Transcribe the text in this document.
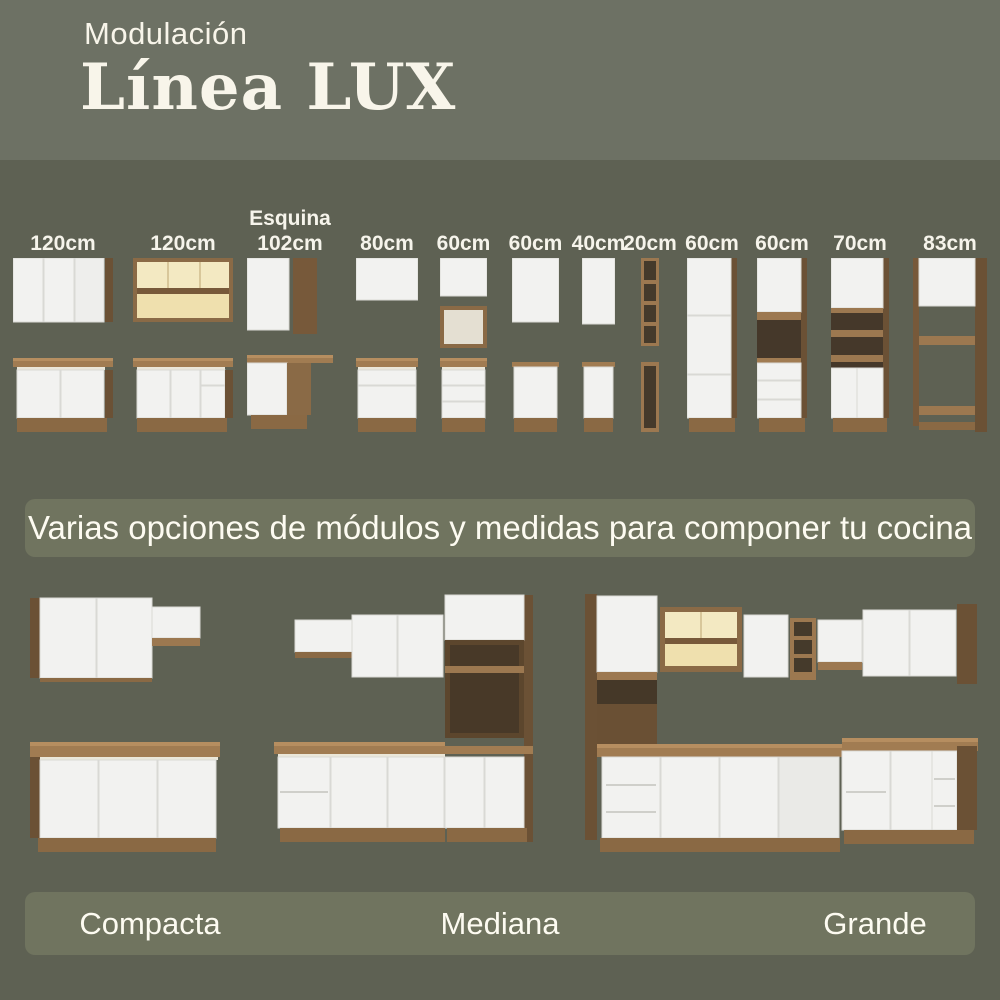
Modulación
Línea LUX
120cm	120cm
Esquina
102cm	80cm	60cm 60cm 40cm
20cm 60cm 60cm	70cm	83cm
Varias opciones de módulos y medidas para componer tu cocina
Compacta	Mediana	Grande
